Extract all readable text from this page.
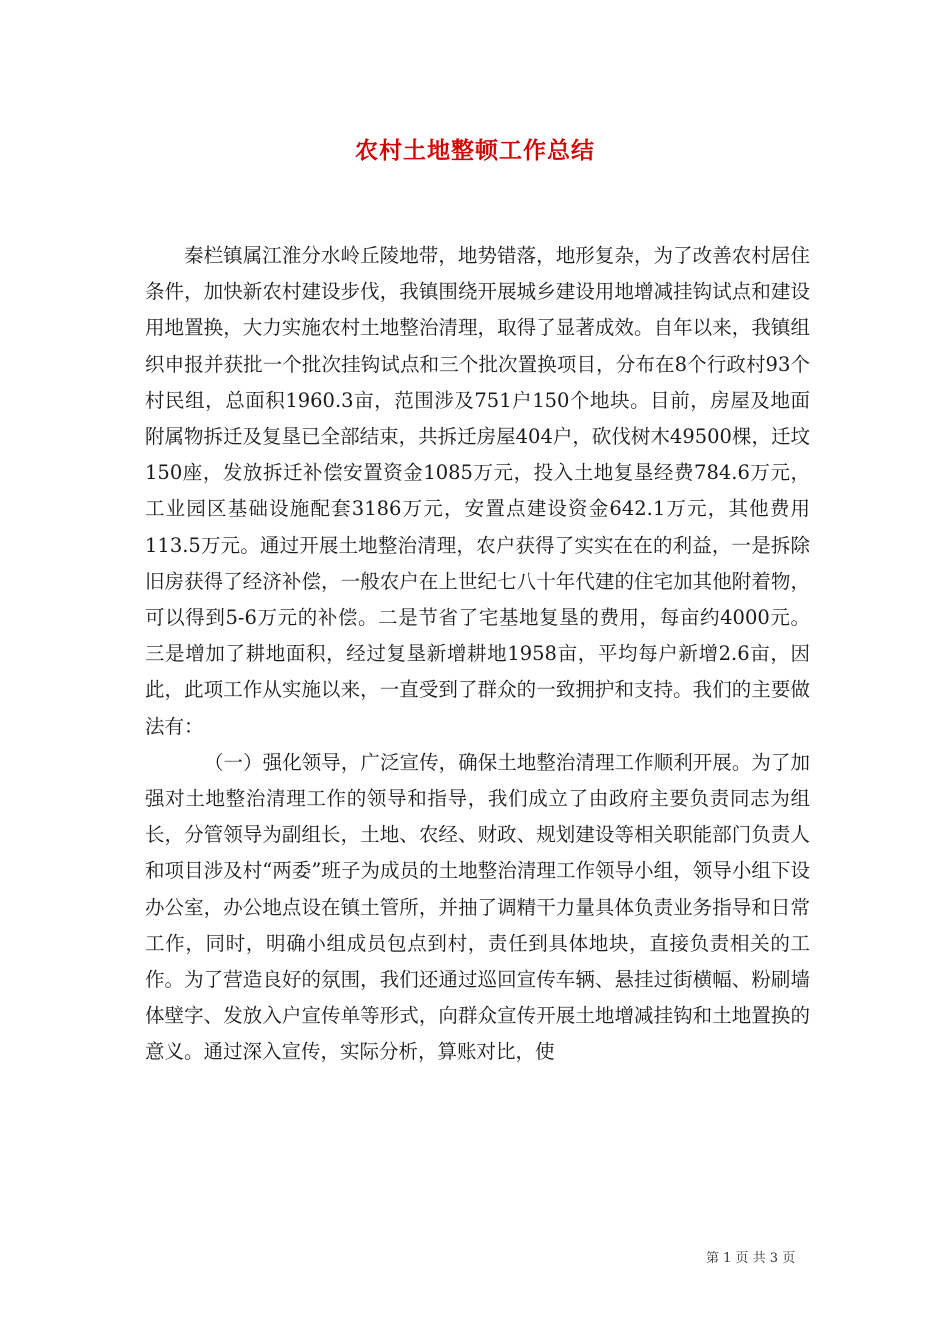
农村土地整顿工作总结

秦栏镇属江淮分水岭丘陵地带，地势错落，地形复杂，为了改善农村居住条件，加快新农村建设步伐，我镇围绕开展城乡建设用地增减挂钩试点和建设用地置换，大力实施农村土地整治清理，取得了显著成效。自年以来，我镇组织申报并获批一个批次挂钩试点和三个批次置换项目，分布在8个行政村93个村民组，总面积1960.3亩，范围涉及751户150个地块。目前，房屋及地面附属物拆迁及复垦已全部结束，共拆迁房屋404户，砍伐树木49500棵，迁坟150座，发放拆迁补偿安置资金1085万元，投入土地复垦经费784.6万元，工业园区基础设施配套3186万元，安置点建设资金642.1万元，其他费用113.5万元。通过开展土地整治清理，农户获得了实实在在的利益，一是拆除旧房获得了经济补偿，一般农户在上世纪七八十年代建的住宅加其他附着物，可以得到5-6万元的补偿。二是节省了宅基地复垦的费用，每亩约4000元。三是增加了耕地面积，经过复垦新增耕地1958亩，平均每户新增2.6亩，因此，此项工作从实施以来，一直受到了群众的一致拥护和支持。我们的主要做法有：

（一）强化领导，广泛宣传，确保土地整治清理工作顺利开展。为了加强对土地整治清理工作的领导和指导，我们成立了由政府主要负责同志为组长，分管领导为副组长，土地、农经、财政、规划建设等相关职能部门负责人和项目涉及村“两委”班子为成员的土地整治清理工作领导小组，领导小组下设办公室，办公地点设在镇土管所，并抽了调精干力量具体负责业务指导和日常工作，同时，明确小组成员包点到村，责任到具体地块，直接负责相关的工作。为了营造良好的氛围，我们还通过巡回宣传车辆、悬挂过街横幅、粉刷墙体壁字、发放入户宣传单等形式，向群众宣传开展土地增减挂钩和土地置换的意义。通过深入宣传，实际分析，算账对比，使

第 1 页 共 3 页
